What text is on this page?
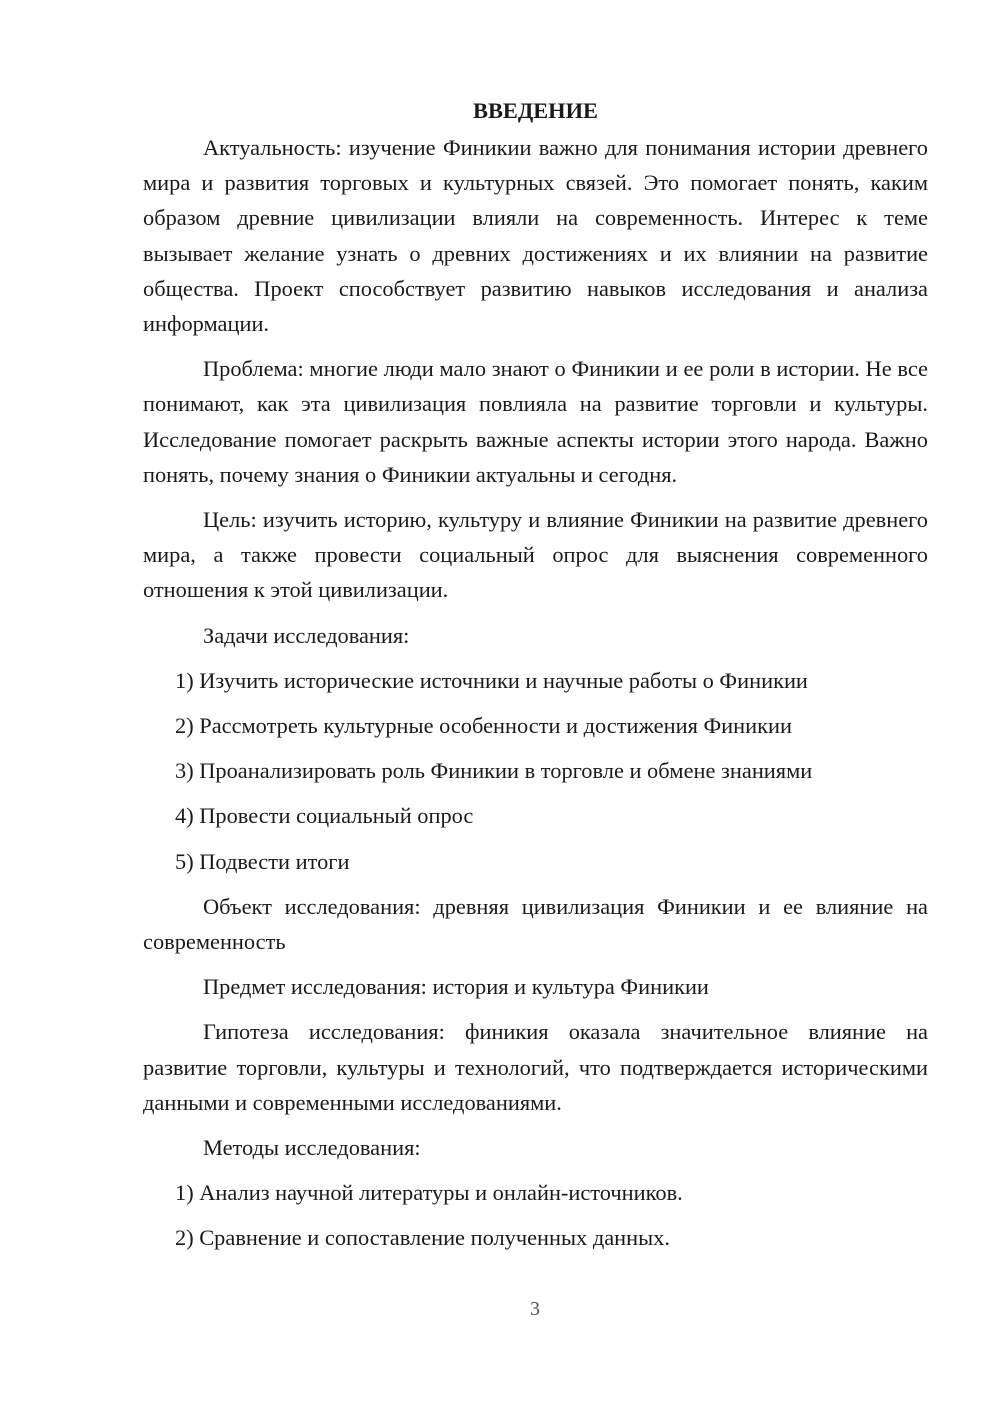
ВВЕДЕНИЕ

Актуальность: изучение Финикии важно для понимания истории древнего мира и развития торговых и культурных связей. Это помогает понять, каким образом древние цивилизации влияли на современность. Интерес к теме вызывает желание узнать о древних достижениях и их влиянии на развитие общества. Проект способствует развитию навыков исследования и анализа информации.

Проблема: многие люди мало знают о Финикии и ее роли в истории. Не все понимают, как эта цивилизация повлияла на развитие торговли и культуры. Исследование помогает раскрыть важные аспекты истории этого народа. Важно понять, почему знания о Финикии актуальны и сегодня.

Цель: изучить историю, культуру и влияние Финикии на развитие древнего мира, а также провести социальный опрос для выяснения современного отношения к этой цивилизации.

Задачи исследования:

1) Изучить исторические источники и научные работы о Финикии
2) Рассмотреть культурные особенности и достижения Финикии
3) Проанализировать роль Финикии в торговле и обмене знаниями
4) Провести социальный опрос
5) Подвести итоги

Объект исследования: древняя цивилизация Финикии и ее влияние на современность

Предмет исследования: история и культура Финикии

Гипотеза исследования: финикия оказала значительное влияние на развитие торговли, культуры и технологий, что подтверждается историческими данными и современными исследованиями.

Методы исследования:

1) Анализ научной литературы и онлайн-источников.
2) Сравнение и сопоставление полученных данных.
3
